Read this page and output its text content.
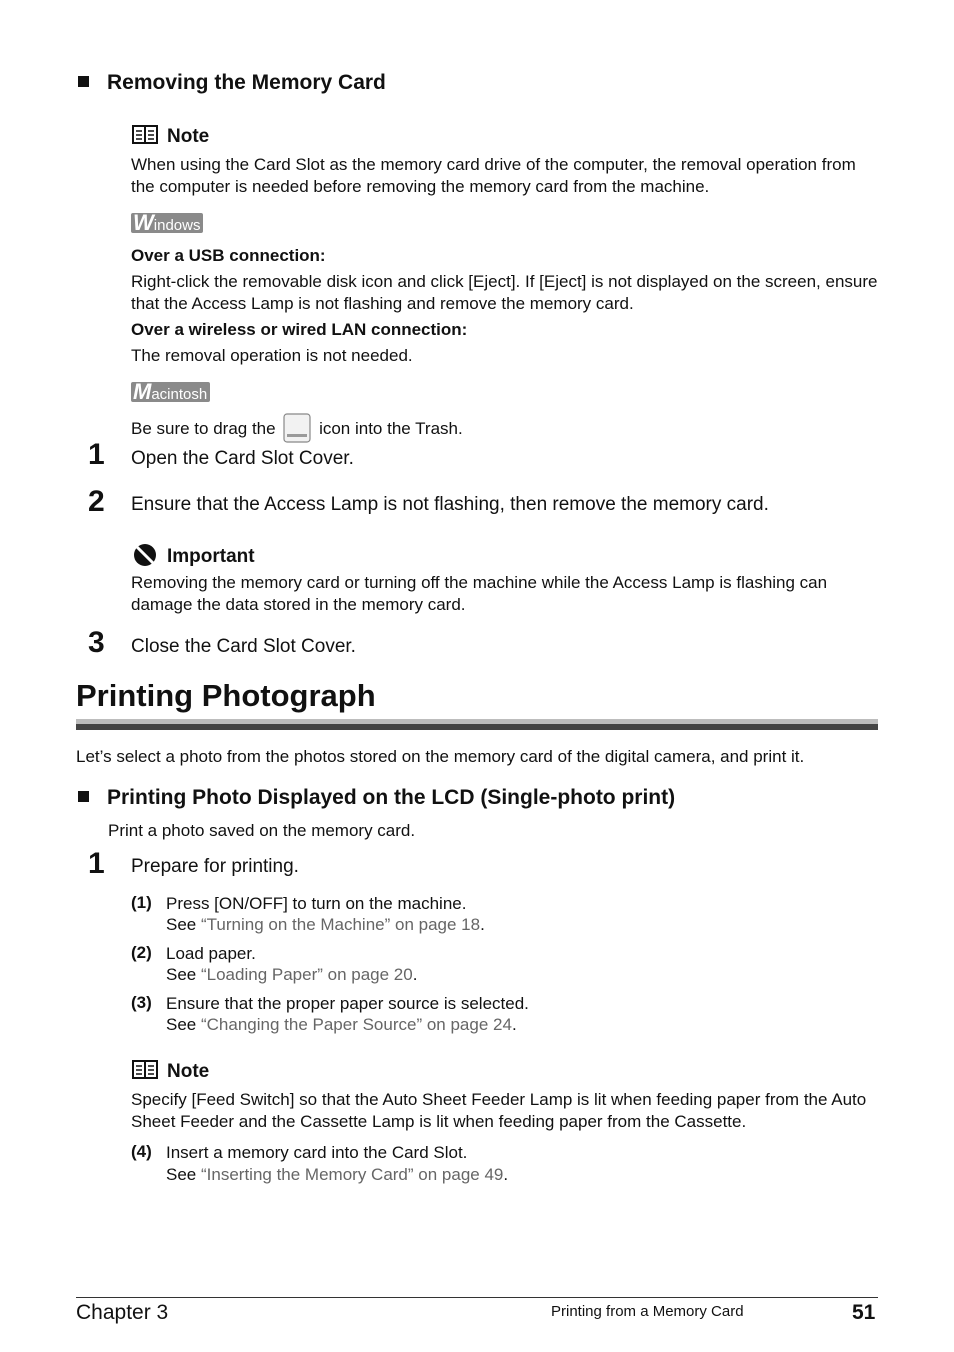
Removing the Memory Card
Note
When using the Card Slot as the memory card drive of the computer, the removal operation from the computer is needed before removing the memory card from the machine.
Windows
Over a USB connection:
Right-click the removable disk icon and click [Eject]. If [Eject] is not displayed on the screen, ensure that the Access Lamp is not flashing and remove the memory card.
Over a wireless or wired LAN connection:
The removal operation is not needed.
Macintosh
Be sure to drag the	icon into the Trash.
1 Open the Card Slot Cover.
2 Ensure that the Access Lamp is not flashing, then remove the memory card.
Important
Removing the memory card or turning off the machine while the Access Lamp is flashing can damage the data stored in the memory card.
3 Close the Card Slot Cover.
Printing Photograph
Let’s select a photo from the photos stored on the memory card of the digital camera, and print it.
Printing Photo Displayed on the LCD (Single-photo print)
Print a photo saved on the memory card.
1 Prepare for printing.
(1) Press [ON/OFF] to turn on the machine.
See “Turning on the Machine” on page 18.
(2) Load paper.
See “Loading Paper” on page 20.
(3) Ensure that the proper paper source is selected.
See “Changing the Paper Source” on page 24.
Note
Specify [Feed Switch] so that the Auto Sheet Feeder Lamp is lit when feeding paper from the Auto Sheet Feeder and the Cassette Lamp is lit when feeding paper from the Cassette.
(4) Insert a memory card into the Card Slot.
See “Inserting the Memory Card” on page 49.
Chapter 3	Printing from a Memory Card	51
